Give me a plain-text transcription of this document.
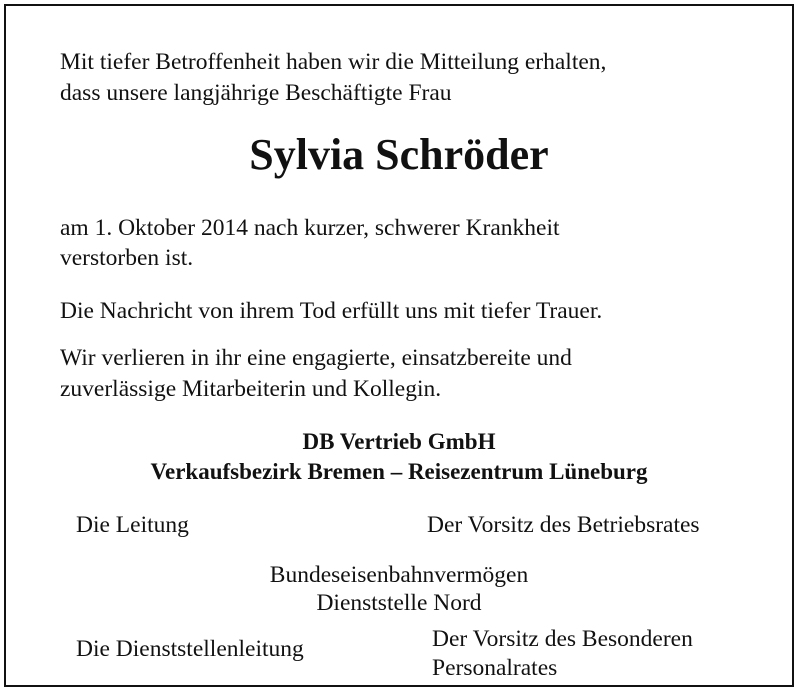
Mit tiefer Betroffenheit haben wir die Mitteilung erhalten,

dass unsere langjährige Beschäftigte Frau

Sylvia Schröder

am 1. Oktober 2014 nach kurzer, schwerer Krankheit

verstorben ist.

Die Nachricht von ihrem Tod erfüllt uns mit tiefer Trauer.

Wir verlieren in ihr eine engagierte, einsatzbereite und

zuverlässige Mitarbeiterin und Kollegin.

DB Vertrieb GmbH

Verkaufsbezirk Bremen – Reisezentrum Lüneburg

Die Leitung	Der Vorsitz des Betriebsrates

Bundeseisenbahnvermögen

Dienststelle Nord

Die Dienststellenleitung	Der Vorsitz des Besonderen

Personalrates
